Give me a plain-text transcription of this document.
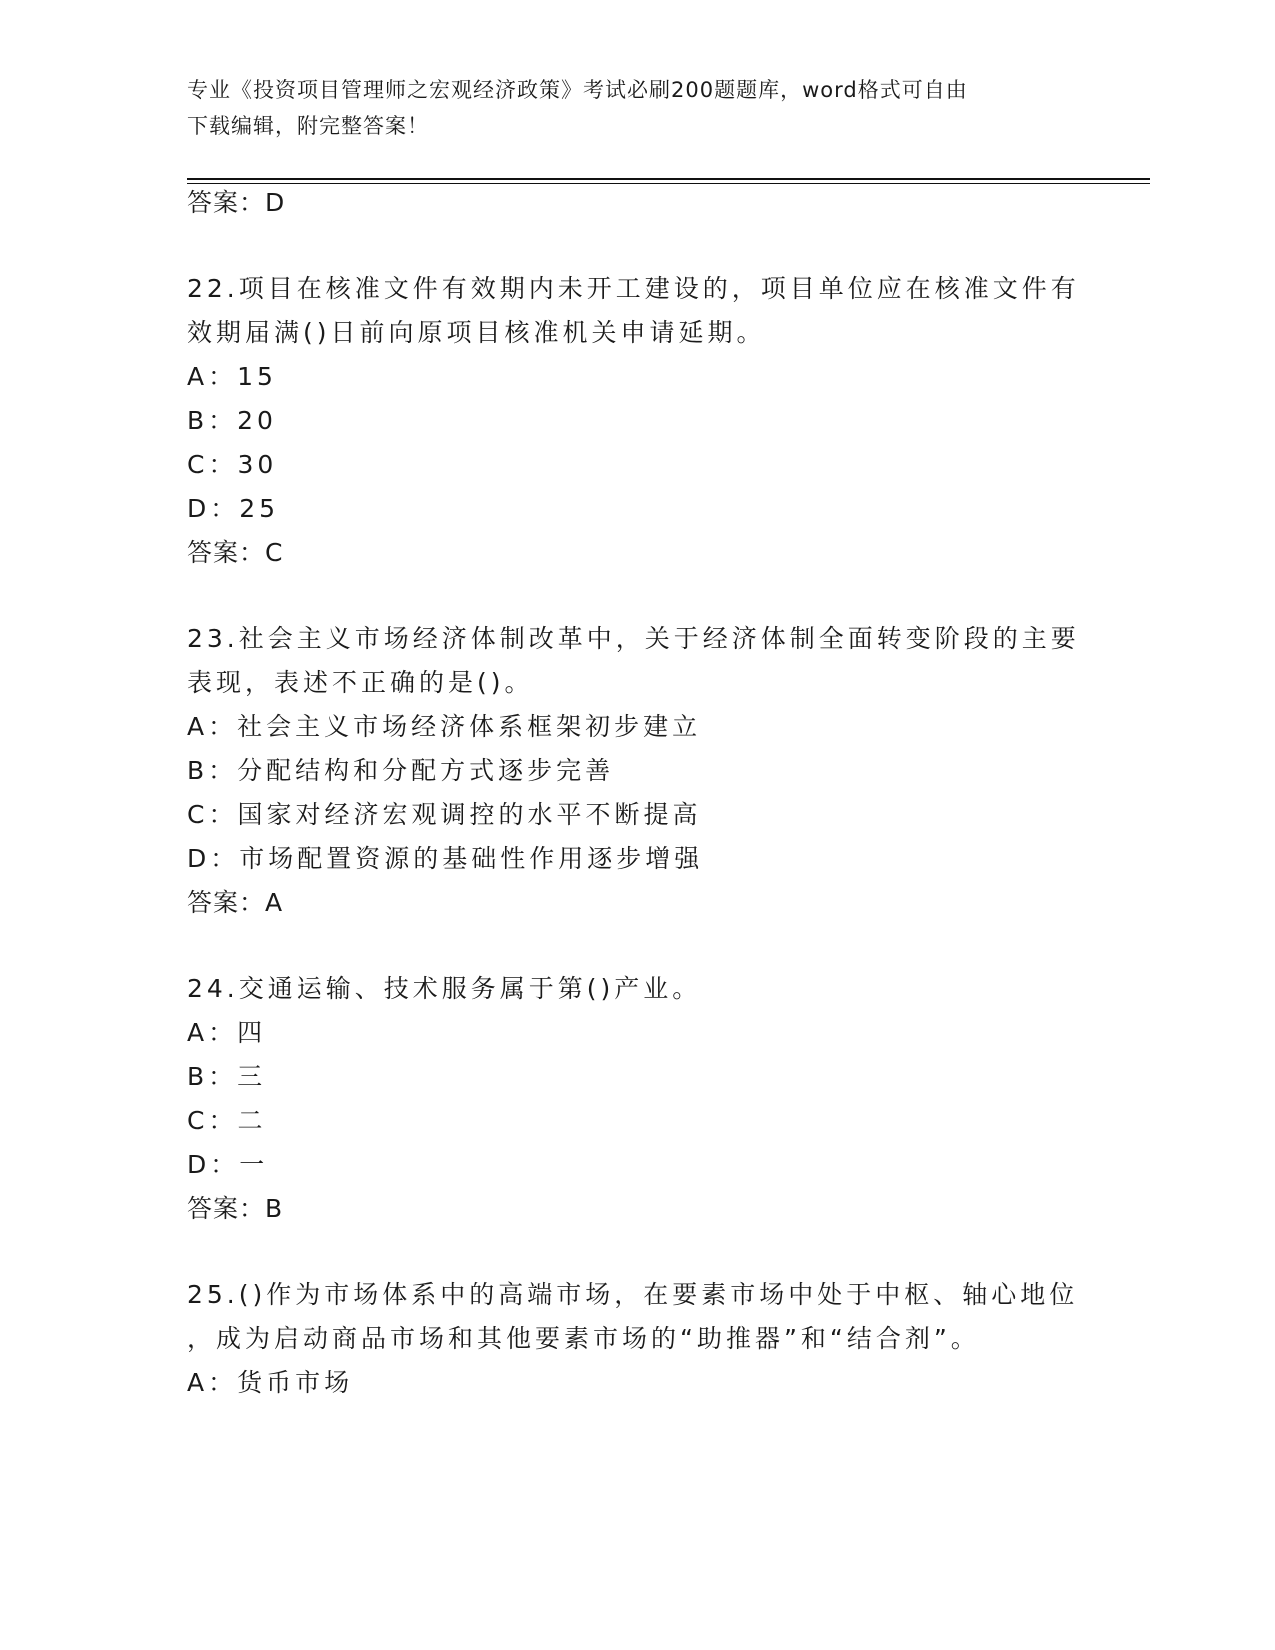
专业《投资项目管理师之宏观经济政策》考试必刷200题题库，word格式可自由
下载编辑，附完整答案！
答案：D
22.项目在核准文件有效期内未开工建设的，项目单位应在核准文件有
效期届满()日前向原项目核准机关申请延期。
A：15
B：20
C：30
D：25
答案：C
23.社会主义市场经济体制改革中，关于经济体制全面转变阶段的主要
表现，表述不正确的是()。
A：社会主义市场经济体系框架初步建立
B：分配结构和分配方式逐步完善
C：国家对经济宏观调控的水平不断提高
D：市场配置资源的基础性作用逐步增强
答案：A
24.交通运输、技术服务属于第()产业。
A：四
B：三
C：二
D：一
答案：B
25.()作为市场体系中的高端市场，在要素市场中处于中枢、轴心地位
，成为启动商品市场和其他要素市场的“助推器”和“结合剂”。
A：货币市场
